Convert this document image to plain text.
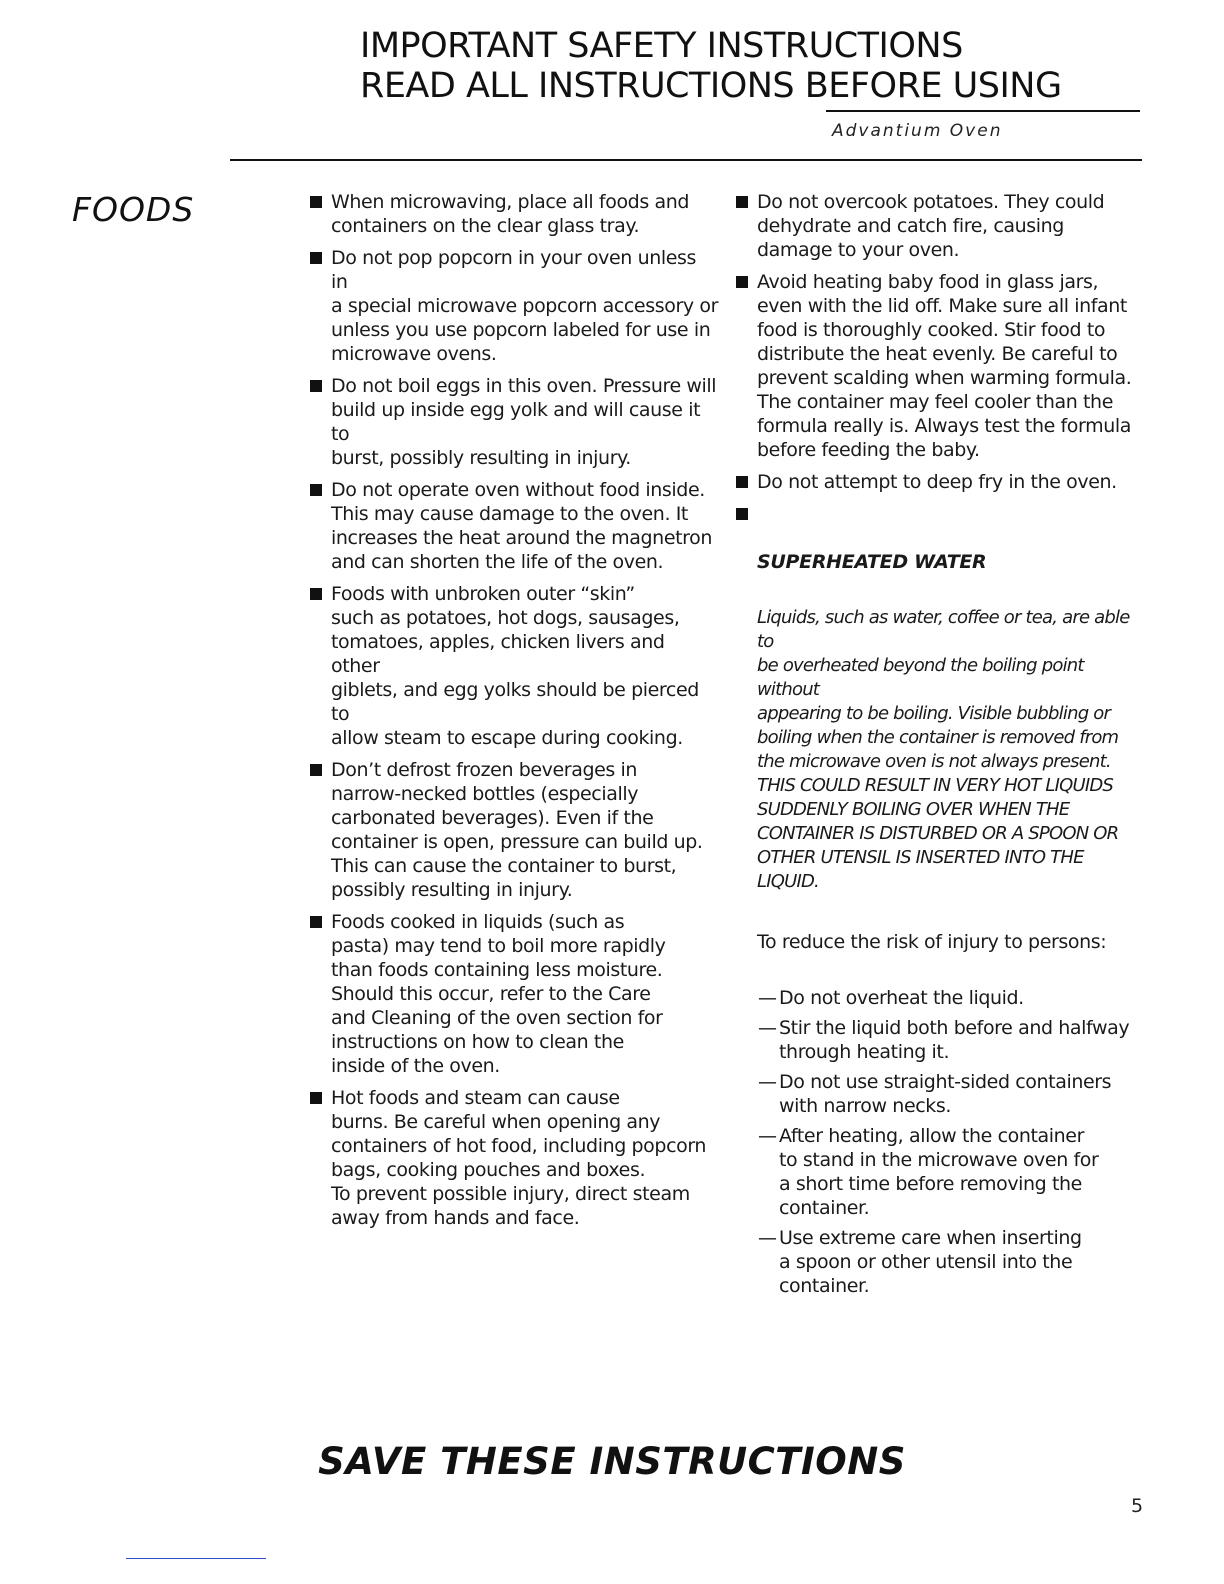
IMPORTANT SAFETY INSTRUCTIONS
READ ALL INSTRUCTIONS BEFORE USING
Advantium Oven
FOODS	When microwaving, place all foods and
containers on the clear glass tray.
Do not pop popcorn in your oven unless in
a special microwave popcorn accessory or
unless you use popcorn labeled for use in
microwave ovens.
Do not boil eggs in this oven. Pressure will
build up inside egg yolk and will cause it to
burst, possibly resulting in injury.
Do not operate oven without food inside.
This may cause damage to the oven. It
increases the heat around the magnetron
and can shorten the life of the oven.
Foods with unbroken outer “skin”
such as potatoes, hot dogs, sausages,
tomatoes, apples, chicken livers and other
giblets, and egg yolks should be pierced to
allow steam to escape during cooking.
Don’t defrost frozen beverages in
narrow-necked bottles (especially
carbonated beverages). Even if the
container is open, pressure can build up.
This can cause the container to burst,
possibly resulting in injury.
Foods cooked in liquids (such as
pasta) may tend to boil more rapidly
than foods containing less moisture.
Should this occur, refer to the Care
and Cleaning of the oven section for
instructions on how to clean the
inside of the oven.
Hot foods and steam can cause
burns. Be careful when opening any
containers of hot food, including popcorn
bags, cooking pouches and boxes.
To prevent possible injury, direct steam
away from hands and face.
Do not overcook potatoes. They could
dehydrate and catch fire, causing
damage to your oven.
Avoid heating baby food in glass jars,
even with the lid off. Make sure all infant
food is thoroughly cooked. Stir food to
distribute the heat evenly. Be careful to
prevent scalding when warming formula.
The container may feel cooler than the
formula really is. Always test the formula
before feeding the baby.
Do not attempt to deep fry in the oven.

SUPERHEATED WATER

Liquids, such as water, coffee or tea, are able to
be overheated beyond the boiling point without
appearing to be boiling. Visible bubbling or
boiling when the container is removed from
the microwave oven is not always present.
THIS COULD RESULT IN VERY HOT LIQUIDS
SUDDENLY BOILING OVER WHEN THE
CONTAINER IS DISTURBED OR A SPOON OR
OTHER UTENSIL IS INSERTED INTO THE LIQUID.

To reduce the risk of injury to persons:

— Do not overheat the liquid.
— Stir the liquid both before and halfway
through heating it.
— Do not use straight-sided containers
with narrow necks.
— After heating, allow the container
to stand in the microwave oven for
a short time before removing the
container.
— Use extreme care when inserting
a spoon or other utensil into the
container.
SAVE THESE INSTRUCTIONS
5
